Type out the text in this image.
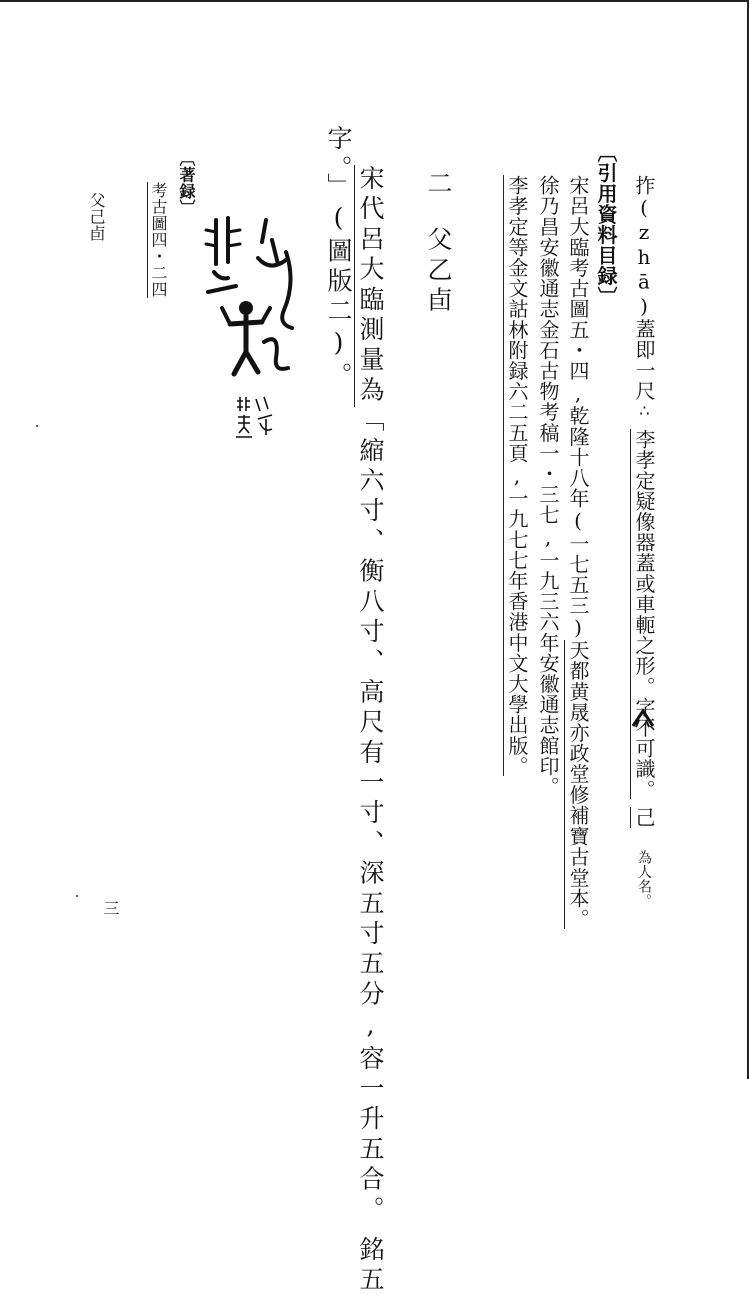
拃(zhā)蓋即一尺∴李孝定疑像器蓋或車軛之形。字不可識。己為人名。
〔引用資料目録〕
宋呂大臨考古圖五・四,乾隆十八年(一七五三)天都黄晟亦政堂修補寶古堂本。
徐乃昌安徽通志金石古物考稿一・三七,一九三六年安徽通志館印。
李孝定等金文詁林附録六二五頁,一九七七年香港中文大學出版。
二父乙卣
宋代呂大臨測量為「縮六寸、衡八寸、高尺有一寸、深五寸五分,容一升五合。銘五
字。」(圖版二)。
〔著録〕
考古圖四・二四
父己卣
三
